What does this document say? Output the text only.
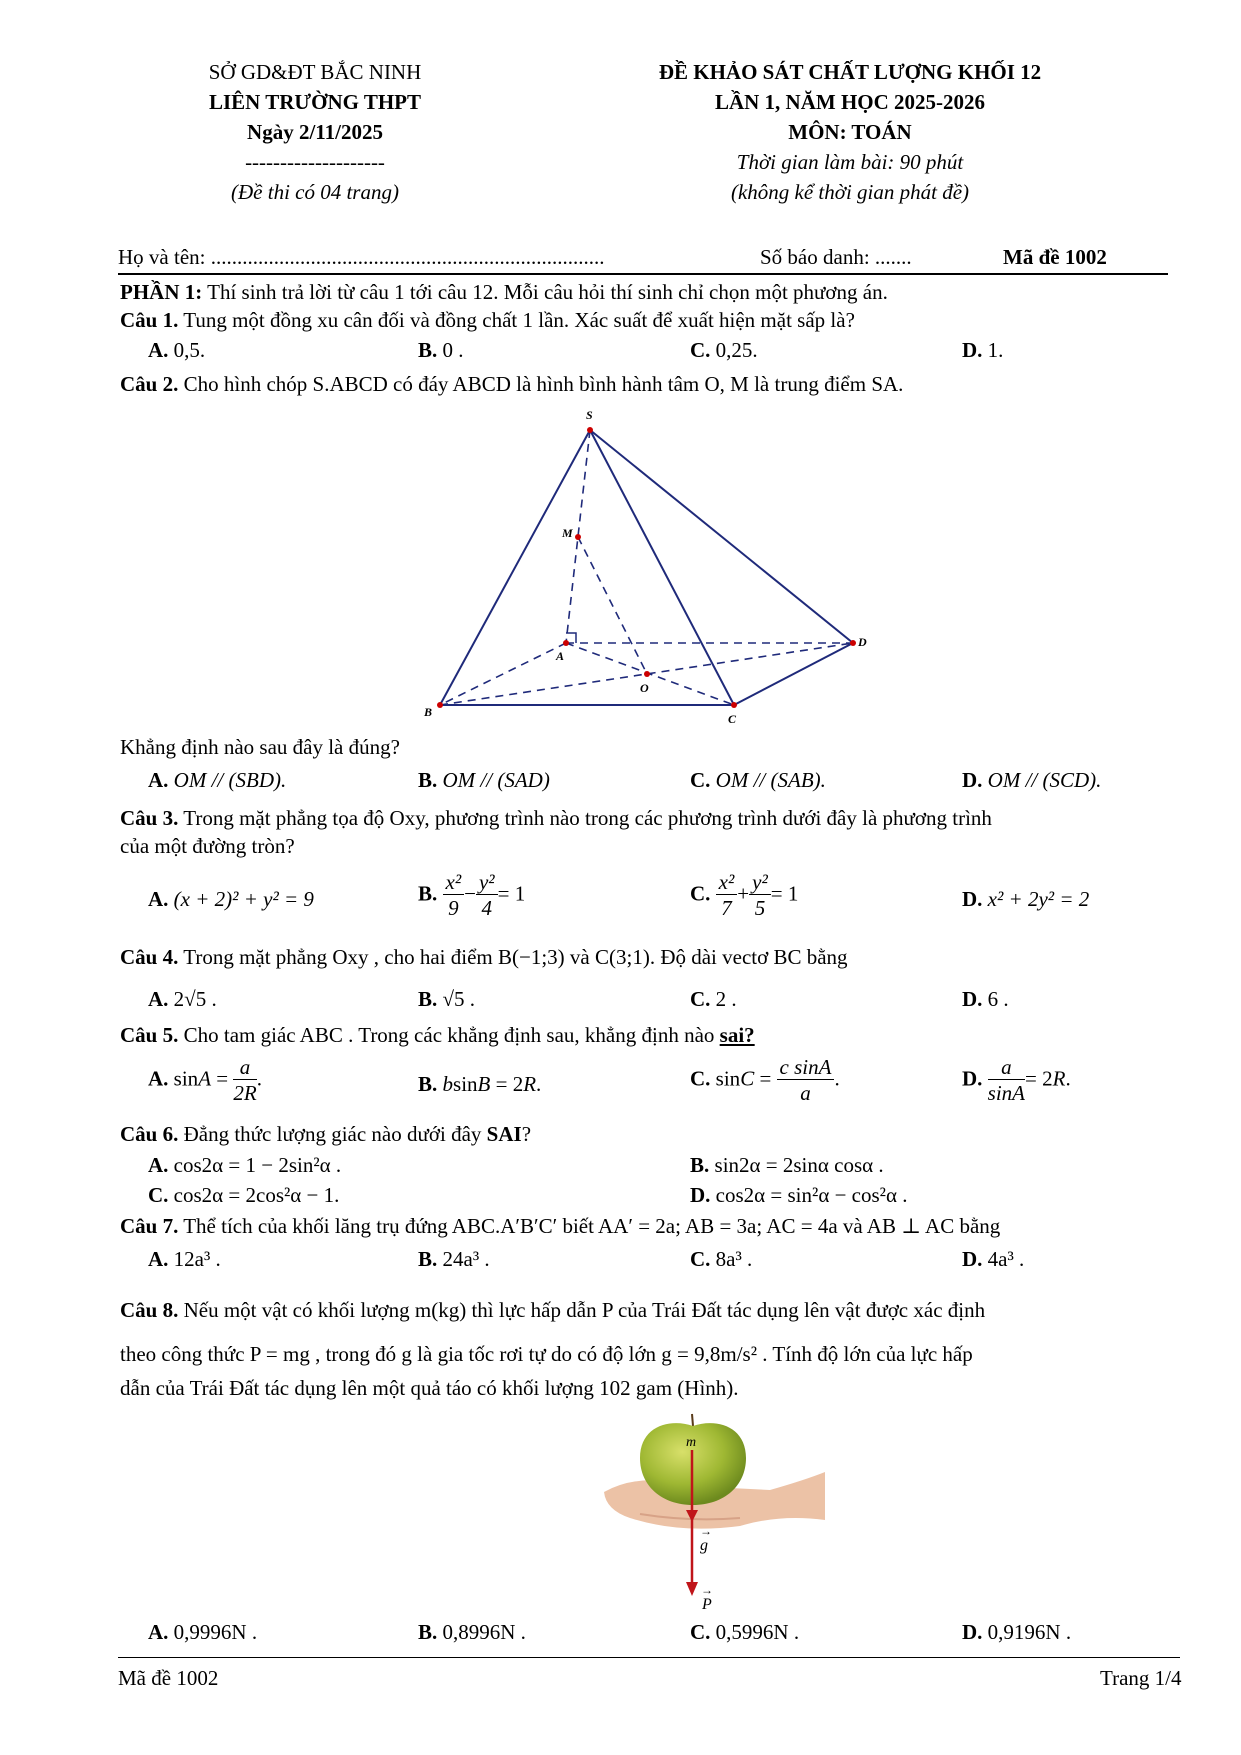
SỞ GD&ĐT BẮC NINH
LIÊN TRƯỜNG THPT
Ngày 2/11/2025
--------------------
(Đề thi có 04 trang)
ĐỀ KHẢO SÁT CHẤT LƯỢNG KHỐI 12
LẦN 1, NĂM HỌC 2025-2026
MÔN: TOÁN
Thời gian làm bài: 90 phút
(không kể thời gian phát đề)
Họ và tên: ...........................................................................	Số báo danh: .......	Mã đề 1002
PHẦN 1: Thí sinh trả lời từ câu 1 tới câu 12. Mỗi câu hỏi thí sinh chỉ chọn một phương án.
Câu 1. Tung một đồng xu cân đối và đồng chất 1 lần. Xác suất để xuất hiện mặt sấp là?
A. 0,5.	B. 0 .	C. 0,25.	D. 1.
Câu 2. Cho hình chóp S.ABCD có đáy ABCD là hình bình hành tâm O, M là trung điểm SA.
S
M
A
O
D
B	C
Khẳng định nào sau đây là đúng?
A. OM // (SBD).	B. OM // (SAD)	C. OM // (SAB).	D. OM // (SCD).
Câu 3. Trong mặt phẳng tọa độ Oxy, phương trình nào trong các phương trình dưới đây là phương trình
của một đường tròn?
A. (x + 2)² + y² = 9	B. $\frac{\text{x²}}{9} - \frac{\text{y²}}{4} = 1$	C. $\frac{\text{x²}}{7} + \frac{\text{y²}}{5} = 1$	D. x² + 2y² = 2
Câu 4. Trong mặt phẳng Oxy , cho hai điểm B(−1;3) và C(3;1). Độ dài vectơ BC bằng
A. 2√5 .	B. √5 .	C. 2 .	D. 6 .
Câu 5. Cho tam giác ABC . Trong các khẳng định sau, khẳng định nào sai?
A. $\sin A = \frac{a}{2R}$ .	B. bsinB = 2R.	C. $\sin C = \frac{\text{c sinA}}{a}$ .	D. $\frac{a}{\sin A} = 2R$.
Câu 6. Đẳng thức lượng giác nào dưới đây SAI?
A. cos2α = 1 − 2sin²α .	B. sin2α = 2sinα cosα .
C. cos2α = 2cos²α − 1.	D. cos2α = sin²α − cos²α .
Câu 7. Thể tích của khối lăng trụ đứng ABC.A′B′C′ biết AA′ = 2a; AB = 3a; AC = 4a và AB ⊥ AC bằng
A. 12a³ .	B. 24a³ .	C. 8a³ .	D. 4a³ .
Câu 8. Nếu một vật có khối lượng m(kg) thì lực hấp dẫn P của Trái Đất tác dụng lên vật được xác định
theo công thức P = mg , trong đó g là gia tốc rơi tự do có độ lớn g = 9,8m/s² . Tính độ lớn của lực hấp
dẫn của Trái Đất tác dụng lên một quả táo có khối lượng 102 gam (Hình).
m
g
→
P
→
A. 0,9996N .	B. 0,8996N .	C. 0,5996N .	D. 0,9196N .
Mã đề 1002	Trang 1/4
